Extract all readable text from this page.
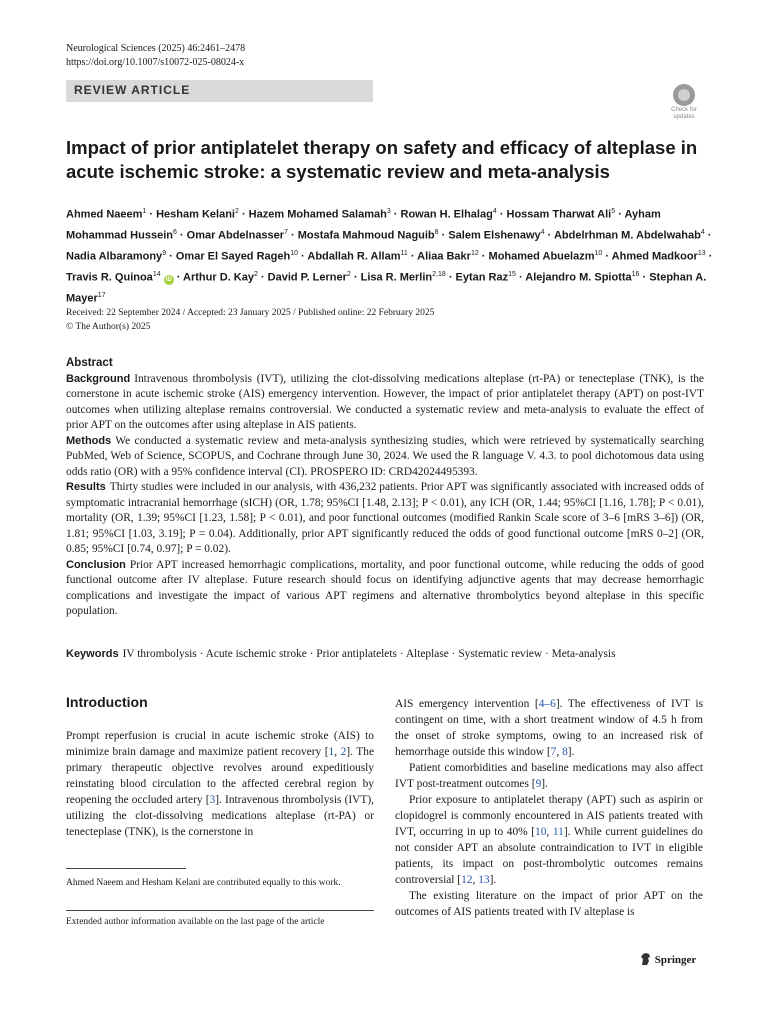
Neurological Sciences (2025) 46:2461–2478
https://doi.org/10.1007/s10072-025-08024-x
REVIEW ARTICLE
Check for updates
Impact of prior antiplatelet therapy on safety and efficacy of alteplase in acute ischemic stroke: a systematic review and meta-analysis
Ahmed Naeem$^1$ · Hesham Kelani$^2$ · Hazem Mohamed Salamah$^3$ · Rowan H. Elhalag$^4$ · Hossam Tharwat Ali$^5$ · Ayham Mohammad Hussein$^6$ · Omar Abdelnasser$^7$ · Mostafa Mahmoud Naguib$^8$ · Salem Elshenawy$^4$ · Abdelrhman M. Abdelwahab$^4$ · Nadia Albaramony$^9$ · Omar El Sayed Rageh$^{10}$ · Abdallah R. Allam$^{11}$ · Aliaa Bakr$^{12}$ · Mohamed Abuelazm$^{10}$ · Ahmed Madkoor$^{13}$ · Travis R. Quinoa$^{14}$ iD · Arthur D. Kay$^2$ · David P. Lerner$^2$ · Lisa R. Merlin$^{2,18}$ · Eytan Raz$^{15}$ · Alejandro M. Spiotta$^{16}$ · Stephan A. Mayer$^{17}$
Received: 22 September 2024 / Accepted: 23 January 2025 / Published online: 22 February 2025
© The Author(s) 2025
Abstract

Background Intravenous thrombolysis (IVT), utilizing the clot-dissolving medications alteplase (rt-PA) or tenecteplase (TNK), is the cornerstone in acute ischemic stroke (AIS) emergency intervention. However, the impact of prior antiplatelet therapy (APT) on post-IVT outcomes when utilizing alteplase remains controversial. We conducted a systematic review and meta-analysis to evaluate the effect of prior APT on the outcomes after using alteplase in AIS patients.

Methods We conducted a systematic review and meta-analysis synthesizing studies, which were retrieved by systematically searching PubMed, Web of Science, SCOPUS, and Cochrane through June 30, 2024. We used the R language V. 4.3. to pool dichotomous data using odds ratio (OR) with a 95% confidence interval (CI). PROSPERO ID: CRD42024495393.

Results Thirty studies were included in our analysis, with 436,232 patients. Prior APT was significantly associated with increased odds of symptomatic intracranial hemorrhage (sICH) (OR, 1.78; 95%CI [1.48, 2.13]; P < 0.01), any ICH (OR, 1.44; 95%CI [1.16, 1.78]; P < 0.01), mortality (OR, 1.39; 95%CI [1.23, 1.58]; P < 0.01), and poor functional outcomes (modified Rankin Scale score of 3–6 [mRS 3–6]) (OR, 1.81; 95%CI [1.03, 3.19]; P = 0.04). Additionally, prior APT significantly reduced the odds of good functional outcome [mRS 0–2] (OR, 0.85; 95%CI [0.74, 0.97]; P = 0.02).

Conclusion Prior APT increased hemorrhagic complications, mortality, and poor functional outcome, while reducing the odds of good functional outcome after IV alteplase. Future research should focus on identifying adjunctive agents that may decrease hemorrhagic complications and investigate the impact of various APT regimens and alternative thrombolytics beyond alteplase in this specific population.

Keywords IV thrombolysis · Acute ischemic stroke · Prior antiplatelets · Alteplase · Systematic review · Meta-analysis
Introduction

Prompt reperfusion is crucial in acute ischemic stroke (AIS) to minimize brain damage and maximize patient recovery [1, 2]. The primary therapeutic objective revolves around expeditiously reinstating blood circulation to the affected cerebral region by reopening the occluded artery [3]. Intravenous thrombolysis (IVT), utilizing the clot-dissolving medications alteplase (rt-PA) or tenecteplase (TNK), is the cornerstone in

AIS emergency intervention [4–6]. The effectiveness of IVT is contingent on time, with a short treatment window of 4.5 h from the onset of stroke symptoms, owing to an increased risk of hemorrhage outside this window [7, 8].

Patient comorbidities and baseline medications may also affect IVT post-treatment outcomes [9].

Prior exposure to antiplatelet therapy (APT) such as aspirin or clopidogrel is commonly encountered in AIS patients treated with IVT, occurring in up to 40% [10, 11]. While current guidelines do not consider APT an absolute contraindication to IVT in eligible patients, its impact on post-thrombolytic outcomes remains controversial [12, 13].

The existing literature on the impact of prior APT on the outcomes of AIS patients treated with IV alteplase is

Ahmed Naeem and Hesham Kelani are contributed equally to this work.
Extended author information available on the last page of the article
Springer
